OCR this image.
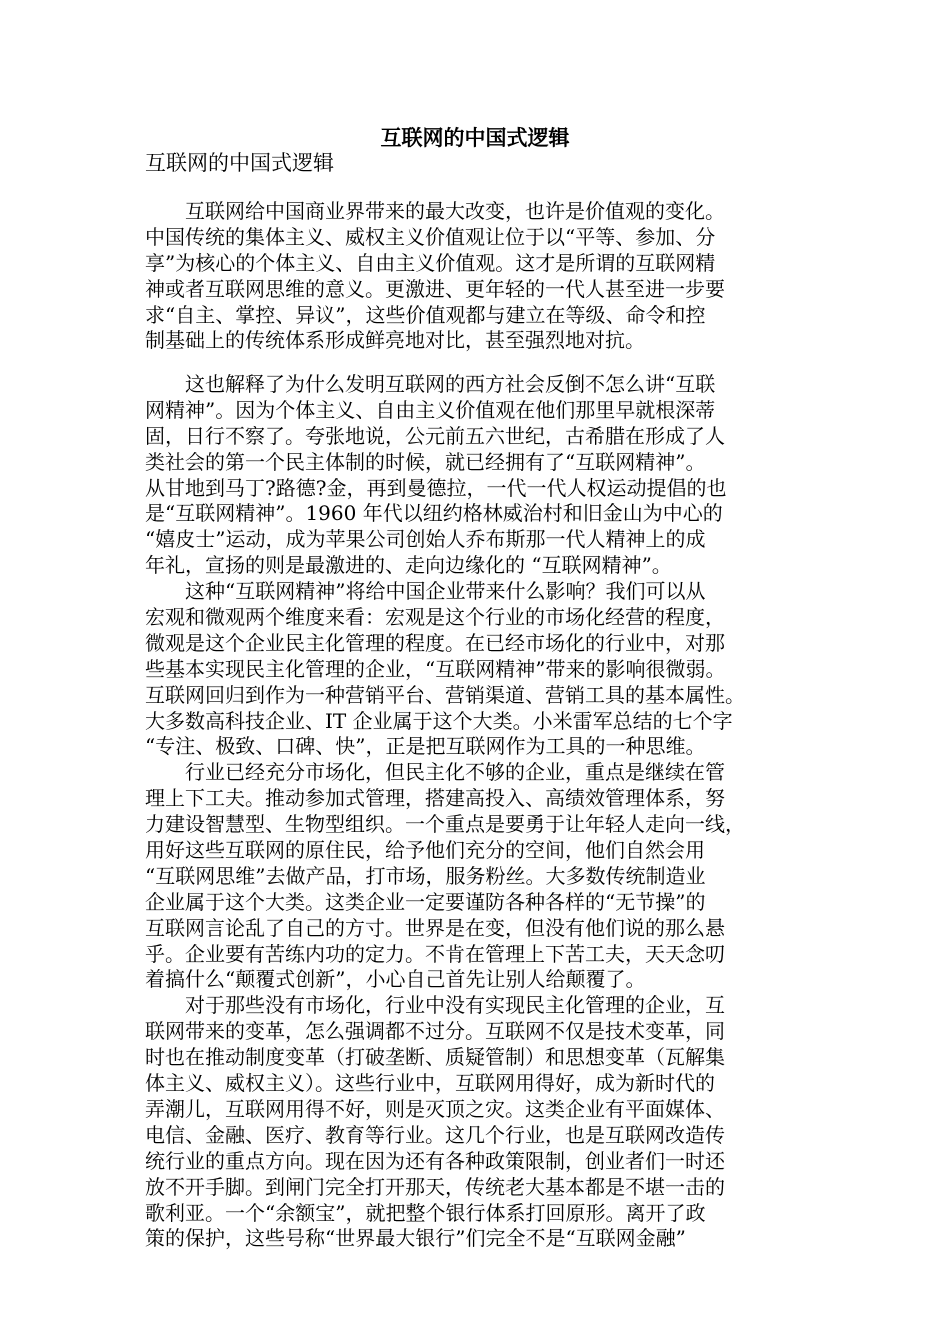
互联网的中国式逻辑
互联网的中国式逻辑
　　互联网给中国商业界带来的最大改变，也许是价值观的变化。
中国传统的集体主义、威权主义价值观让位于以“平等、参加、分
享”为核心的个体主义、自由主义价值观。这才是所谓的互联网精
神或者互联网思维的意义。更激进、更年轻的一代人甚至进一步要
求“自主、掌控、异议”，这些价值观都与建立在等级、命令和控
制基础上的传统体系形成鲜亮地对比，甚至强烈地对抗。
　　这也解释了为什么发明互联网的西方社会反倒不怎么讲“互联
网精神”。因为个体主义、自由主义价值观在他们那里早就根深蒂
固，日行不察了。夸张地说，公元前五六世纪，古希腊在形成了人
类社会的第一个民主体制的时候，就已经拥有了“互联网精神”。
从甘地到马丁?路德?金，再到曼德拉，一代一代人权运动提倡的也
是“互联网精神”。1960 年代以纽约格林威治村和旧金山为中心的
“嬉皮士”运动，成为苹果公司创始人乔布斯那一代人精神上的成
年礼，宣扬的则是最激进的、走向边缘化的 “互联网精神”。
　　这种“互联网精神”将给中国企业带来什么影响？我们可以从
宏观和微观两个维度来看：宏观是这个行业的市场化经营的程度，
微观是这个企业民主化管理的程度。在已经市场化的行业中，对那
些基本实现民主化管理的企业，“互联网精神”带来的影响很微弱。
互联网回归到作为一种营销平台、营销渠道、营销工具的基本属性。
大多数高科技企业、IT 企业属于这个大类。小米雷军总结的七个字
“专注、极致、口碑、快”，正是把互联网作为工具的一种思维。
　　行业已经充分市场化，但民主化不够的企业，重点是继续在管
理上下工夫。推动参加式管理，搭建高投入、高绩效管理体系，努
力建设智慧型、生物型组织。一个重点是要勇于让年轻人走向一线，
用好这些互联网的原住民，给予他们充分的空间，他们自然会用
“互联网思维”去做产品，打市场，服务粉丝。大多数传统制造业
企业属于这个大类。这类企业一定要谨防各种各样的“无节操”的
互联网言论乱了自己的方寸。世界是在变，但没有他们说的那么悬
乎。企业要有苦练内功的定力。不肯在管理上下苦工夫，天天念叨
着搞什么“颠覆式创新”，小心自己首先让别人给颠覆了。
　　对于那些没有市场化，行业中没有实现民主化管理的企业，互
联网带来的变革，怎么强调都不过分。互联网不仅是技术变革，同
时也在推动制度变革（打破垄断、质疑管制）和思想变革（瓦解集
体主义、威权主义）。这些行业中，互联网用得好，成为新时代的
弄潮儿，互联网用得不好，则是灭顶之灾。这类企业有平面媒体、
电信、金融、医疗、教育等行业。这几个行业，也是互联网改造传
统行业的重点方向。现在因为还有各种政策限制，创业者们一时还
放不开手脚。到闸门完全打开那天，传统老大基本都是不堪一击的
歌利亚。一个“余额宝”，就把整个银行体系打回原形。离开了政
策的保护，这些号称“世界最大银行”们完全不是“互联网金融”
